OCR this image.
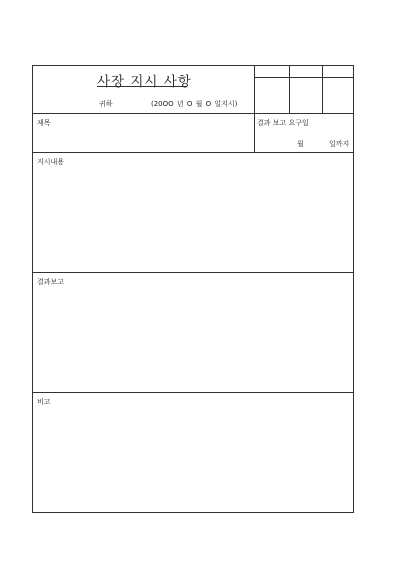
사장 지시 사항
귀하	(20OO 년 O 월 O 일지시)
제목	결과 보고 요구일
월	일까지
지시내용
결과보고
비고
